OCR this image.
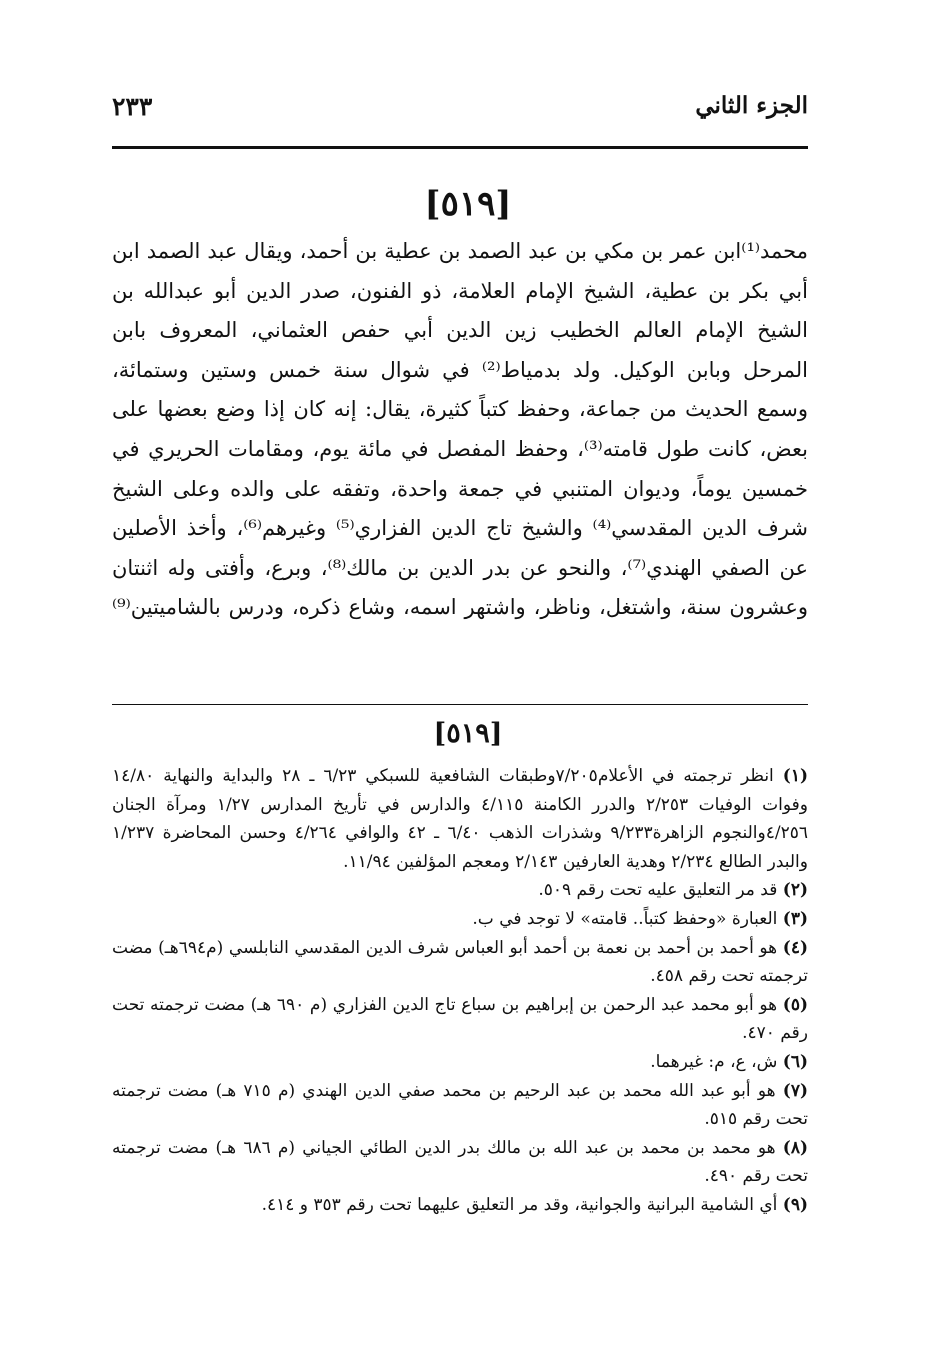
الجزء الثاني
٢٣٣
[٥١٩]

محمد⁽¹⁾ابن عمر بن مكي بن عبد الصمد بن عطية بن أحمد، ويقال عبد الصمد ابن أبي بكر بن عطية، الشيخ الإمام العلامة، ذو الفنون، صدر الدين أبو عبدالله بن الشيخ الإمام العالم الخطيب زين الدين أبي حفص العثماني، المعروف بابن المرحل وبابن الوكيل. ولد بدمياط⁽²⁾ في شوال سنة خمس وستين وستمائة، وسمع الحديث من جماعة، وحفظ كتباً كثيرة، يقال: إنه كان إذا وضع بعضها على بعض، كانت طول قامته⁽³⁾، وحفظ المفصل في مائة يوم، ومقامات الحريري في خمسين يوماً، وديوان المتنبي في جمعة واحدة، وتفقه على والده وعلى الشيخ شرف الدين المقدسي⁽⁴⁾ والشيخ تاج الدين الفزاري⁽⁵⁾ وغيرهم⁽⁶⁾، وأخذ الأصلين عن الصفي الهندي⁽⁷⁾، والنحو عن بدر الدين بن مالك⁽⁸⁾، وبرع، وأفتى وله اثنتان وعشرون سنة، واشتغل، وناظر، واشتهر اسمه، وشاع ذكره، ودرس بالشاميتين⁽⁹⁾

[٥١٩]

(١) انظر ترجمته في الأعلام٧/٢٠٥وطبقات الشافعية للسبكي ٦/٢٣ ـ ٢٨ والبداية والنهاية ١٤/٨٠ وفوات الوفيات ٢/٢٥٣ والدرر الكامنة ٤/١١٥ والدارس في تأريخ المدارس ١/٢٧ ومرآة الجنان ٤/٢٥٦والنجوم الزاهرة٩/٢٣٣ وشذرات الذهب ٦/٤٠ ـ ٤٢ والوافي ٤/٢٦٤ وحسن المحاضرة ١/٢٣٧ والبدر الطالع ٢/٢٣٤ وهدية العارفين ٢/١٤٣ ومعجم المؤلفين ١١/٩٤.

(٢) قد مر التعليق عليه تحت رقم ٥٠٩.

(٣) العبارة «وحفظ كتباً.. قامته» لا توجد في ب.

(٤) هو أحمد بن أحمد بن نعمة بن أحمد أبو العباس شرف الدين المقدسي النابلسي (م٦٩٤هـ) مضت ترجمته تحت رقم ٤٥٨.

(٥) هو أبو محمد عبد الرحمن بن إبراهيم بن سباع تاج الدين الفزاري (م ٦٩٠ هـ) مضت ترجمته تحت رقم ٤٧٠.

(٦) ش، ع، م: غيرهما.

(٧) هو أبو عبد الله محمد بن عبد الرحيم بن محمد صفي الدين الهندي (م ٧١٥ هـ) مضت ترجمته تحت رقم ٥١٥.

(٨) هو محمد بن محمد بن عبد الله بن مالك بدر الدين الطائي الجياني (م ٦٨٦ هـ) مضت ترجمته تحت رقم ٤٩٠.

(٩) أي الشامية البرانية والجوانية، وقد مر التعليق عليهما تحت رقم ٣٥٣ و ٤١٤.
